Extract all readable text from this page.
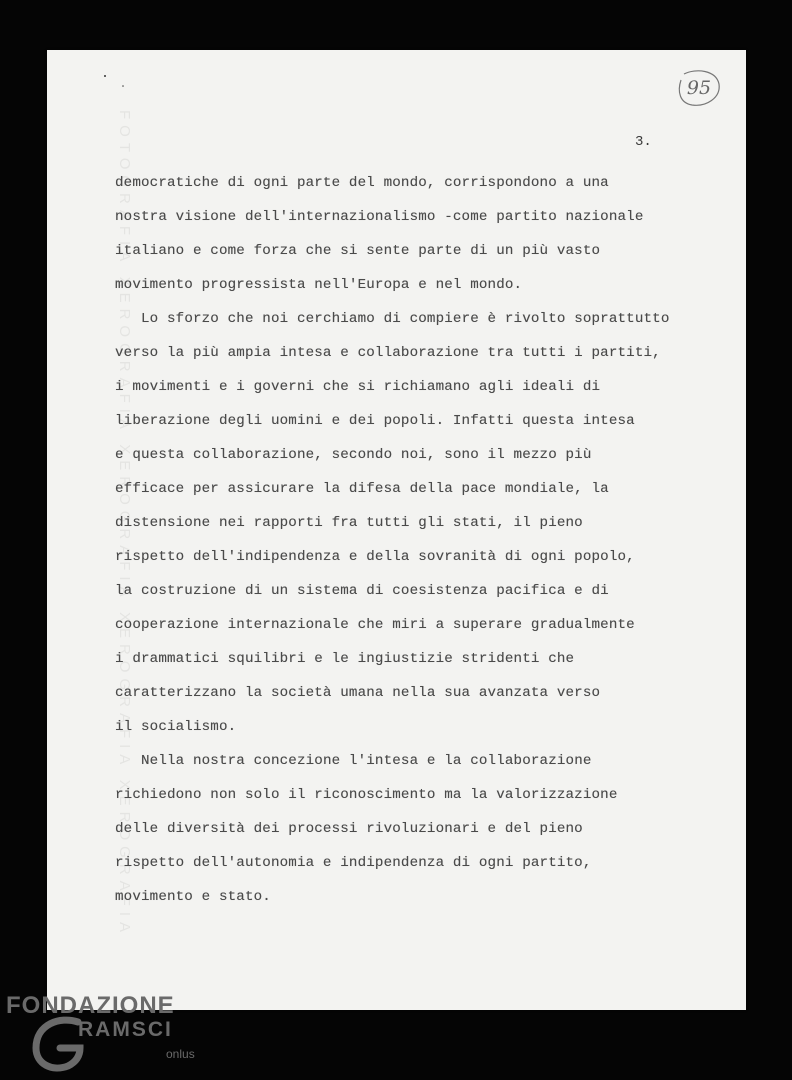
FOTOGRAFIA XEROGRAFIA XEROGRAFIA XEROGRAFIA XEROGRAFIA
95
3.
democratiche di ogni parte del mondo, corrispondono a una
nostra visione dell'internazionalismo -come partito nazionale
italiano e come forza che si sente parte di un più vasto
movimento progressista nell'Europa e nel mondo.
Lo sforzo che noi cerchiamo di compiere è rivolto soprattutto
verso la più ampia intesa e collaborazione tra tutti i partiti,
i movimenti e i governi che si richiamano agli ideali di
liberazione degli uomini e dei popoli. Infatti questa intesa
e questa collaborazione, secondo noi, sono il mezzo più
efficace per assicurare la difesa della pace mondiale, la
distensione nei rapporti fra tutti gli stati, il pieno
rispetto dell'indipendenza e della sovranità di ogni popolo,
la costruzione di un sistema di coesistenza pacifica e di
cooperazione internazionale che miri a superare gradualmente
i drammatici squilibri e le ingiustizie stridenti che
caratterizzano la società umana nella sua avanzata verso
il socialismo.
Nella nostra concezione l'intesa e la collaborazione
richiedono non solo il riconoscimento ma la valorizzazione
delle diversità dei processi rivoluzionari e del pieno
rispetto dell'autonomia e indipendenza di ogni partito,
movimento e stato.
FONDAZIONE
RAMSCI
onlus
